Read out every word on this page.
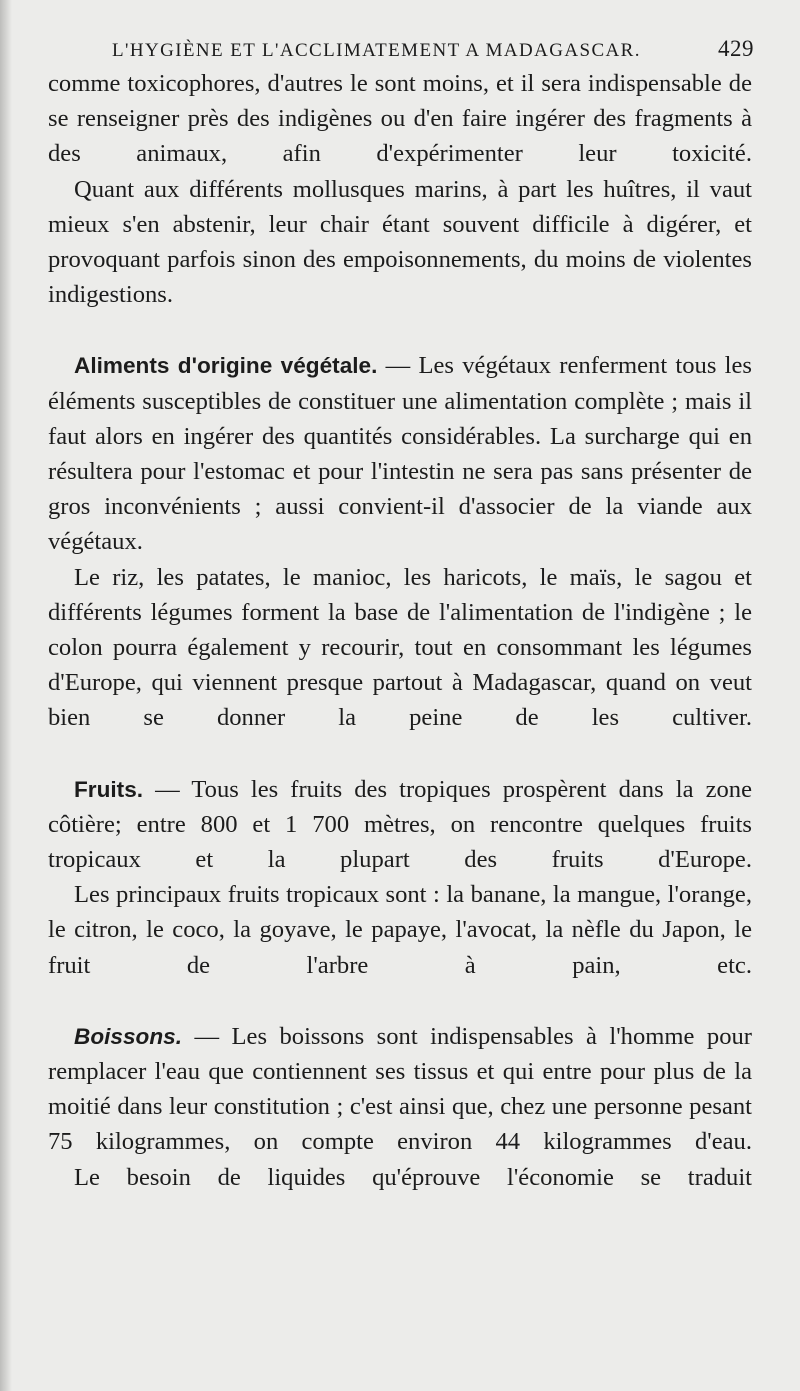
L'HYGIÈNE ET L'ACCLIMATEMENT A MADAGASCAR.	429

comme toxicophores, d'autres le sont moins, et il sera indispensable de se renseigner près des indigènes ou d'en faire ingérer des fragments à des animaux, afin d'expérimenter leur toxicité.

Quant aux différents mollusques marins, à part les huîtres, il vaut mieux s'en abstenir, leur chair étant souvent difficile à digérer, et provoquant parfois sinon des empoisonnements, du moins de violentes indigestions.

Aliments d'origine végétale. — Les végétaux renferment tous les éléments susceptibles de constituer une alimentation complète ; mais il faut alors en ingérer des quantités considérables. La surcharge qui en résultera pour l'estomac et pour l'intestin ne sera pas sans présenter de gros inconvénients ; aussi convient-il d'associer de la viande aux végétaux.

Le riz, les patates, le manioc, les haricots, le maïs, le sagou et différents légumes forment la base de l'alimentation de l'indigène ; le colon pourra également y recourir, tout en consommant les légumes d'Europe, qui viennent presque partout à Madagascar, quand on veut bien se donner la peine de les cultiver.

Fruits. — Tous les fruits des tropiques prospèrent dans la zone côtière; entre 800 et 1 700 mètres, on rencontre quelques fruits tropicaux et la plupart des fruits d'Europe.

Les principaux fruits tropicaux sont : la banane, la mangue, l'orange, le citron, le coco, la goyave, le papaye, l'avocat, la nèfle du Japon, le fruit de l'arbre à pain, etc.

Boissons. — Les boissons sont indispensables à l'homme pour remplacer l'eau que contiennent ses tissus et qui entre pour plus de la moitié dans leur constitution ; c'est ainsi que, chez une personne pesant 75 kilogrammes, on compte environ 44 kilogrammes d'eau.

Le besoin de liquides qu'éprouve l'économie se traduit
